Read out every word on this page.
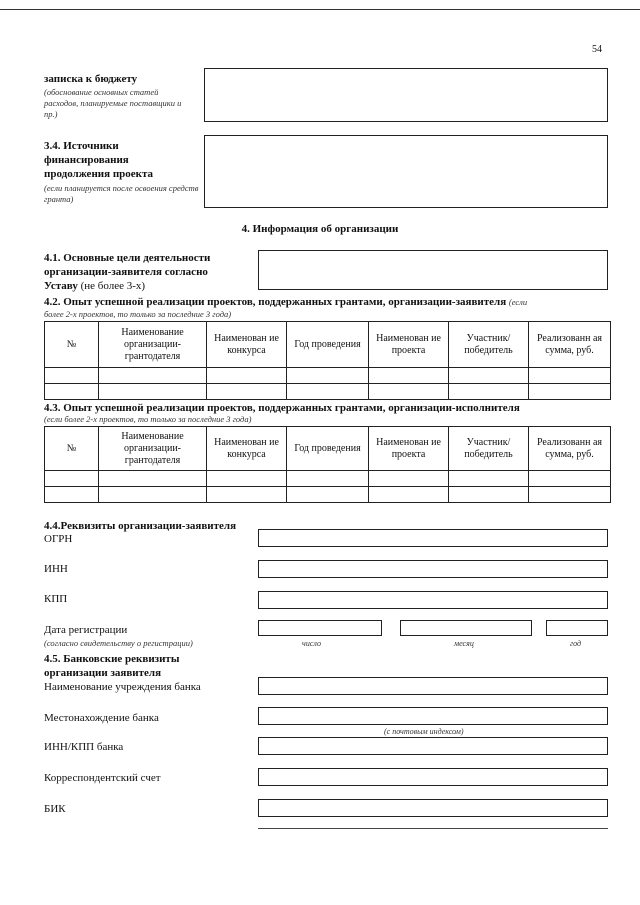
54
записка к бюджету
(обоснование основных статей расходов, планируемые поставщики и пр.)
3.4. Источники финансирования продолжения проекта
(если планируется после освоения средств гранта)
4. Информация об организации
4.1. Основные цели деятельности организации-заявителя согласно
Уставу (не более 3-х)
4.2. Опыт успешной реализации проектов, поддержанных грантами, организации-заявителя (если
более 2-х проектов, то только за последние 3 года)
№	Наименование организации-грантодателя	Наименован ие конкурса	Год проведения	Наименован ие проекта	Участник/ победитель	Реализованн ая сумма, руб.

4.3. Опыт успешной реализации проектов, поддержанных грантами, организации-исполнителя
(если более 2-х проектов, то только за последние 3 года)
№	Наименование организации-грантодателя	Наименован ие конкурса	Год проведения	Наименован ие проекта	Участник/ победитель	Реализованн ая сумма, руб.

4.4.Реквизиты организации-заявителя
ОГРН
ИНН
КПП
Дата регистрации
(согласно свидетельству о регистрации)	число	месяц	год
4.5. Банковские реквизиты организации заявителя
Наименование учреждения банка
Местонахождение банка
(с почтовым индексом)
ИНН/КПП банка
Корреспондентский счет
БИК
